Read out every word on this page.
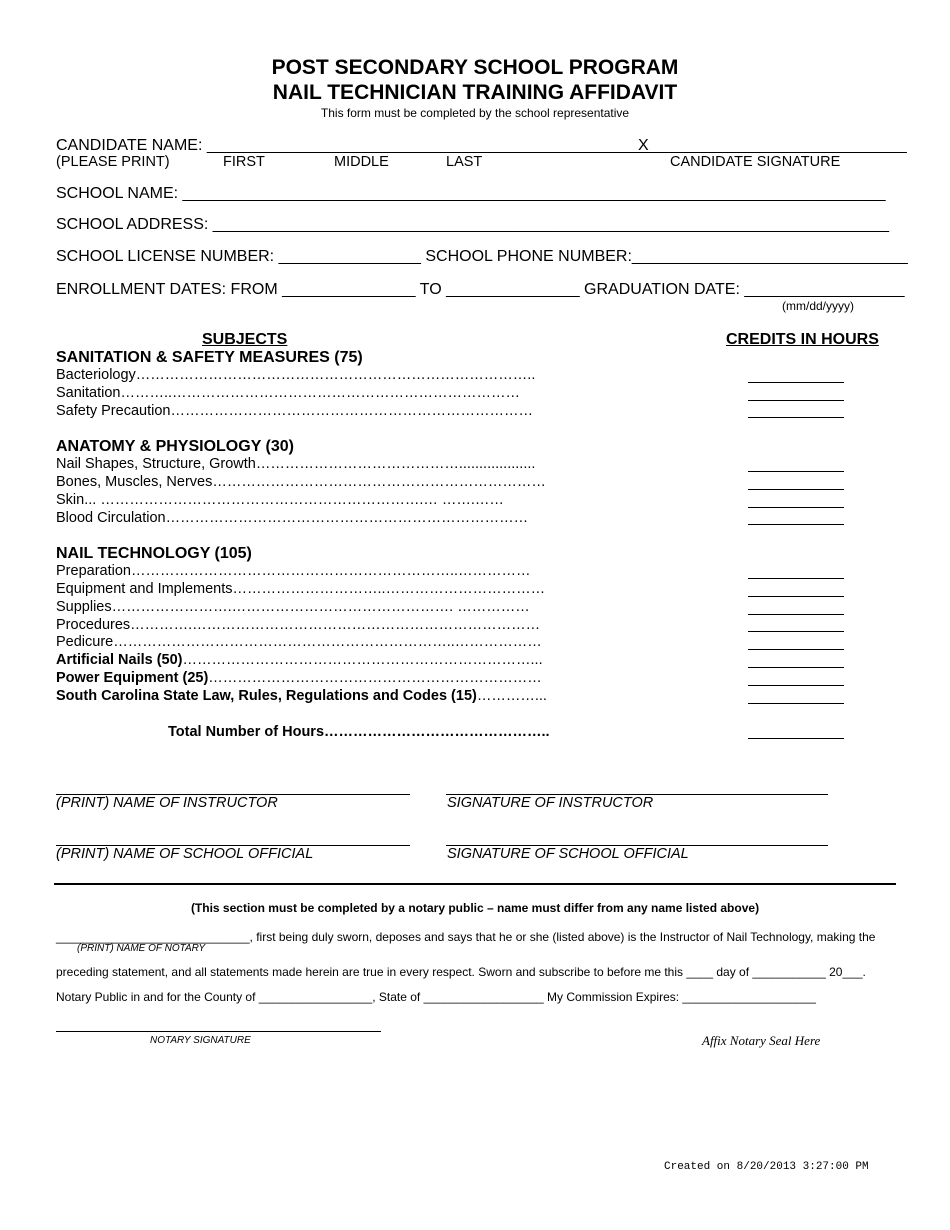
POST SECONDARY SCHOOL PROGRAM
NAIL TECHNICIAN TRAINING AFFIDAVIT
This form must be completed by the school representative
CANDIDATE NAME: __________________________________________________
X_____________________________
(PLEASE PRINT)	FIRST	MIDDLE	LAST	CANDIDATE SIGNATURE
SCHOOL NAME: _______________________________________________________________________________
SCHOOL ADDRESS: ____________________________________________________________________________
SCHOOL LICENSE NUMBER: ________________ SCHOOL PHONE NUMBER:_______________________________
ENROLLMENT DATES: FROM _______________ TO _______________ GRADUATION DATE: __________________
(mm/dd/yyyy)
SUBJECTS	CREDITS IN HOURS
SANITATION & SAFETY MEASURES (75)
Bacteriology………………………………………………………………………..
Sanitation………..………………………………………………………………
Safety Precaution…………………………………………………………………
ANATOMY & PHYSIOLOGY (30)
Nail Shapes, Structure, Growth……………………………………...................
Bones, Muscles, Nerves……………………………………………………………
Skin... ………………………………………………………….… …….……
Blood Circulation…………………………………………………………………
NAIL TECHNOLOGY (105)
Preparation…………………………………………………………..……………
Equipment and Implements…………………………..……………………………
Supplies…………………….………………………………………. ……………
Procedures………….………………………………………………………………
Pedicure……………………………………………………………..………………
Artificial Nails (50)………………………………………………………………...
Power Equipment (25)……………………………………………………………
South Carolina State Law, Rules, Regulations and Codes (15)…………...
Total Number of Hours………………………………………..
(PRINT) NAME OF INSTRUCTOR	SIGNATURE OF INSTRUCTOR
(PRINT) NAME OF SCHOOL OFFICIAL	SIGNATURE OF SCHOOL OFFICIAL
(This section must be completed by a notary public – name must differ from any name listed above)
_____________________________, first being duly sworn, deposes and says that he or she (listed above) is the Instructor of Nail Technology, making the
(PRINT) NAME OF NOTARY
preceding statement, and all statements made herein are true in every respect. Sworn and subscribe to before me this ____ day of ___________ 20___.
Notary Public in and for the County of _________________, State of __________________ My Commission Expires: ____________________
NOTARY SIGNATURE	Affix Notary Seal Here
Created on 8/20/2013 3:27:00 PM
